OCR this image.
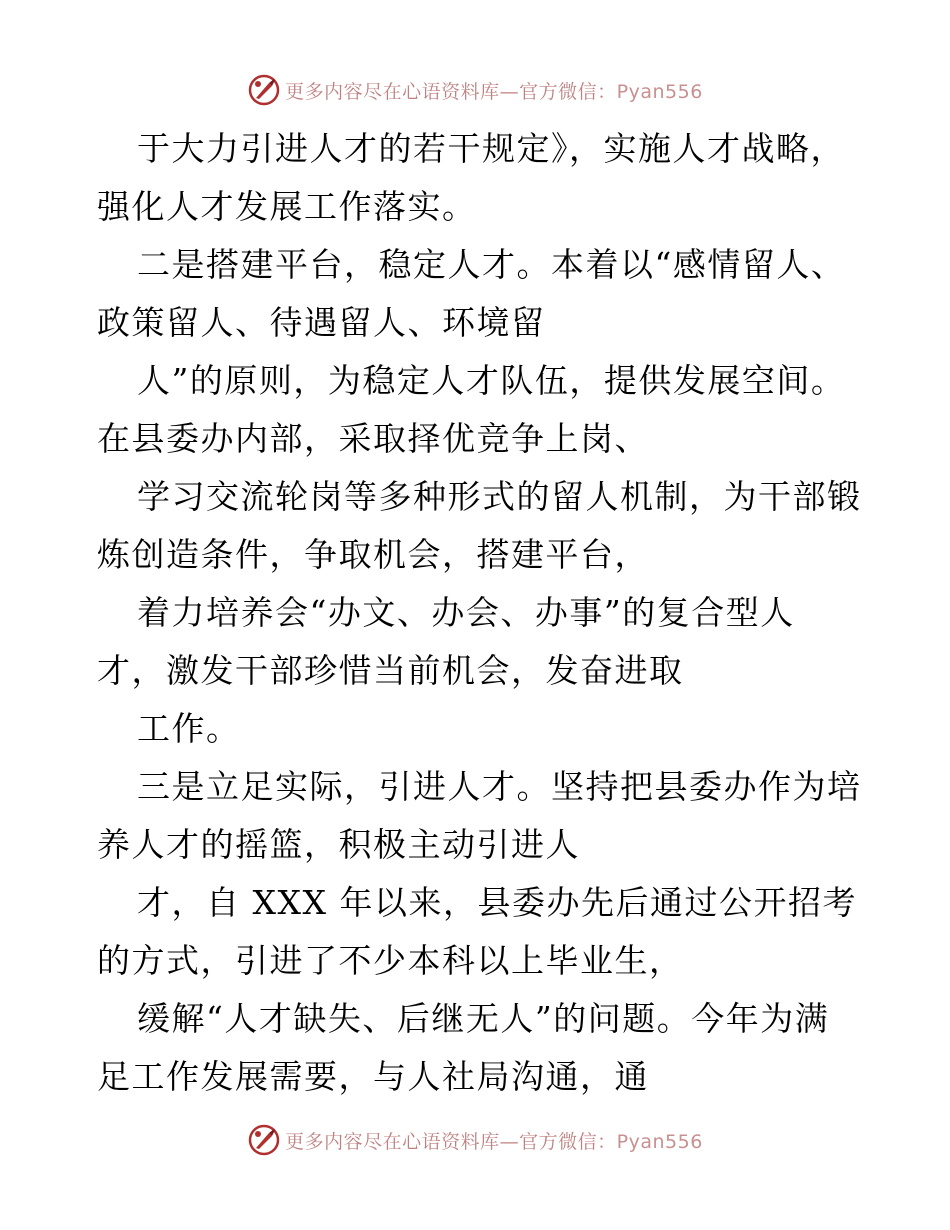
更多内容尽在心语资料库—官方微信：Pyan556
于大力引进人才的若干规定》，实施人才战略，
强化人才发展工作落实。
二是搭建平台，稳定人才。本着以“感情留人、
政策留人、待遇留人、环境留
人”的原则，为稳定人才队伍，提供发展空间。
在县委办内部，采取择优竞争上岗、
学习交流轮岗等多种形式的留人机制，为干部锻
炼创造条件，争取机会，搭建平台，
着力培养会“办文、办会、办事”的复合型人
才，激发干部珍惜当前机会，发奋进取
工作。
三是立足实际，引进人才。坚持把县委办作为培
养人才的摇篮，积极主动引进人
才，自 XXX 年以来，县委办先后通过公开招考
的方式，引进了不少本科以上毕业生，
缓解“人才缺失、后继无人”的问题。今年为满
足工作发展需要，与人社局沟通，通
更多内容尽在心语资料库—官方微信：Pyan556
